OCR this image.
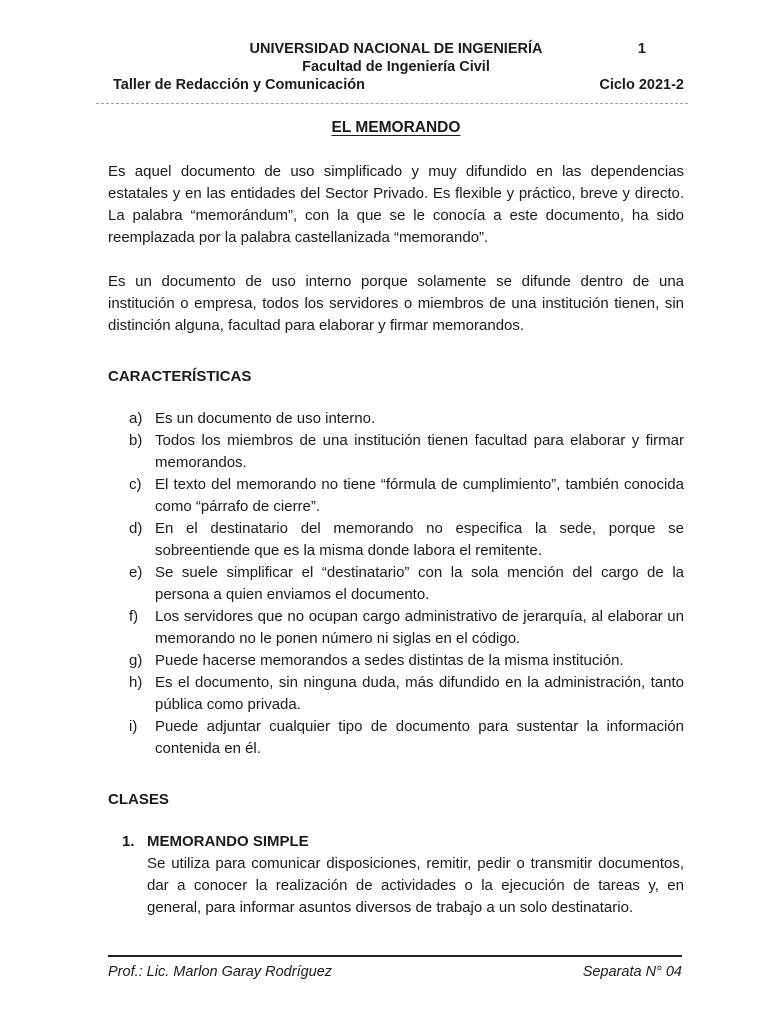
UNIVERSIDAD NACIONAL DE INGENIERÍA	1
Facultad de Ingeniería Civil
Taller de Redacción y Comunicación	Ciclo 2021-2
EL MEMORANDO

Es aquel documento de uso simplificado y muy difundido en las dependencias estatales y en las entidades del Sector Privado. Es flexible y práctico, breve y directo. La palabra “memorándum”, con la que se le conocía a este documento, ha sido reemplazada por la palabra castellanizada “memorando”.

Es un documento de uso interno porque solamente se difunde dentro de una institución o empresa, todos los servidores o miembros de una institución tienen, sin distinción alguna, facultad para elaborar y firmar memorandos.

CARACTERÍSTICAS
a) Es un documento de uso interno.
b) Todos los miembros de una institución tienen facultad para elaborar y firmar memorandos.
c) El texto del memorando no tiene “fórmula de cumplimiento”, también conocida como “párrafo de cierre”.
d) En el destinatario del memorando no especifica la sede, porque se sobreentiende que es la misma donde labora el remitente.
e) Se suele simplificar el “destinatario” con la sola mención del cargo de la persona a quien enviamos el documento.
f)	Los servidores que no ocupan cargo administrativo de jerarquía, al elaborar un memorando no le ponen número ni siglas en el código.
g) Puede hacerse memorandos a sedes distintas de la misma institución.
h) Es el documento, sin ninguna duda, más difundido en la administración, tanto pública como privada.
i)	Puede adjuntar cualquier tipo de documento para sustentar la información contenida en él.
CLASES
1. MEMORANDO SIMPLE
Se utiliza para comunicar disposiciones, remitir, pedir o transmitir documentos, dar a conocer la realización de actividades o la ejecución de tareas y, en general, para informar asuntos diversos de trabajo a un solo destinatario.
Prof.: Lic. Marlon Garay Rodríguez	Separata N° 04
